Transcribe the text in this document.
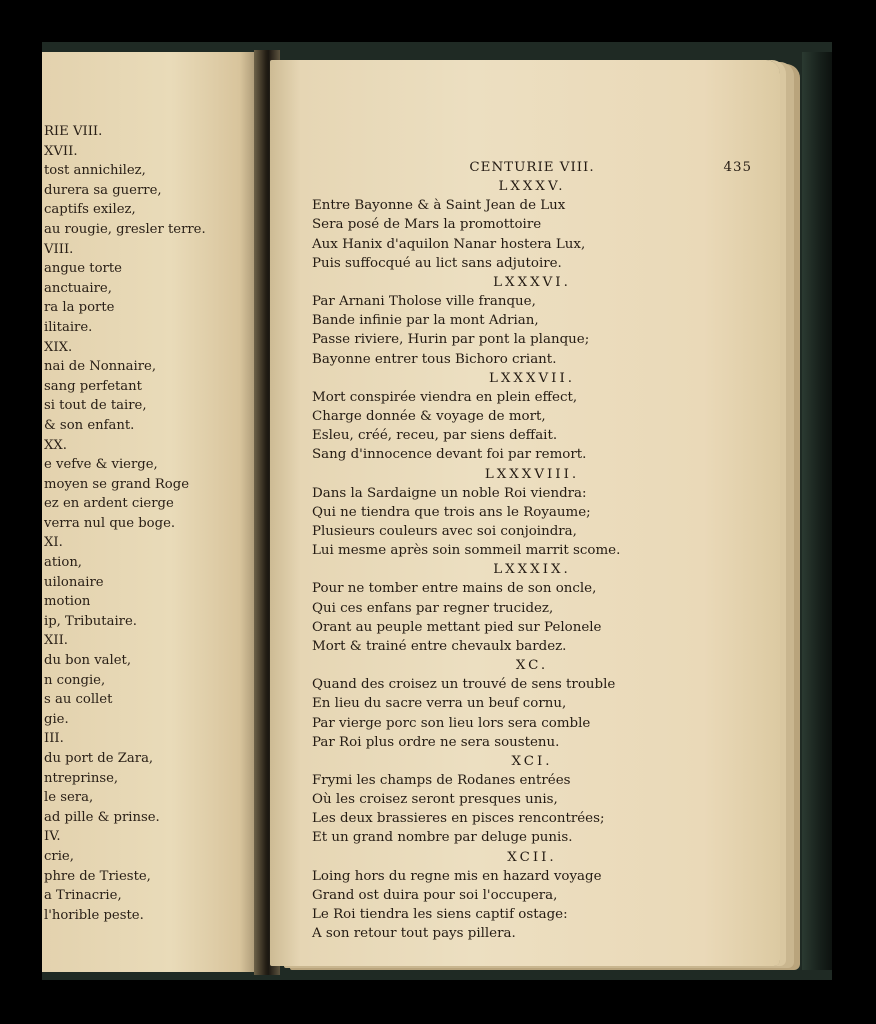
RIE VIII.
XVII.
tost annichilez,
durera sa guerre,
captifs exilez,
au rougie, gresler terre.
VIII.
angue torte
anctuaire,
ra la porte
ilitaire.
XIX.
nai de Nonnaire,
sang perfetant
si tout de taire,
& son enfant.
XX.
e vefve & vierge,
moyen se grand Roge
ez en ardent cierge
verra nul que boge.
XI.
ation,
uilonaire
motion
ip, Tributaire.
XII.
du bon valet,
n congie,
s au collet
gie.
III.
du port de Zara,
ntreprinse,
le sera,
ad pille & prinse.
IV.
crie,
phre de Trieste,
a Trinacrie,
l'horible peste.
CENTURIE VIII.	435
LXXXV.
Entre Bayonne & à Saint Jean de Lux
Sera posé de Mars la promottoire
Aux Hanix d'aquilon Nanar hostera Lux,
Puis suffocqué au lict sans adjutoire.
LXXXVI.
Par Arnani Tholose ville franque,
Bande infinie par la mont Adrian,
Passe riviere, Hurin par pont la planque;
Bayonne entrer tous Bichoro criant.
LXXXVII.
Mort conspirée viendra en plein effect,
Charge donnée & voyage de mort,
Esleu, créé, receu, par siens deffait.
Sang d'innocence devant foi par remort.
LXXXVIII.
Dans la Sardaigne un noble Roi viendra:
Qui ne tiendra que trois ans le Royaume;
Plusieurs couleurs avec soi conjoindra,
Lui mesme après soin sommeil marrit scome.
LXXXIX.
Pour ne tomber entre mains de son oncle,
Qui ces enfans par regner trucidez,
Orant au peuple mettant pied sur Pelonele
Mort & trainé entre chevaulx bardez.
XC.
Quand des croisez un trouvé de sens trouble
En lieu du sacre verra un beuf cornu,
Par vierge porc son lieu lors sera comble
Par Roi plus ordre ne sera soustenu.
XCI.
Frymi les champs de Rodanes entrées
Où les croisez seront presques unis,
Les deux brassieres en pisces rencontrées;
Et un grand nombre par deluge punis.
XCII.
Loing hors du regne mis en hazard voyage
Grand ost duira pour soi l'occupera,
Le Roi tiendra les siens captif ostage:
A son retour tout pays pillera.
